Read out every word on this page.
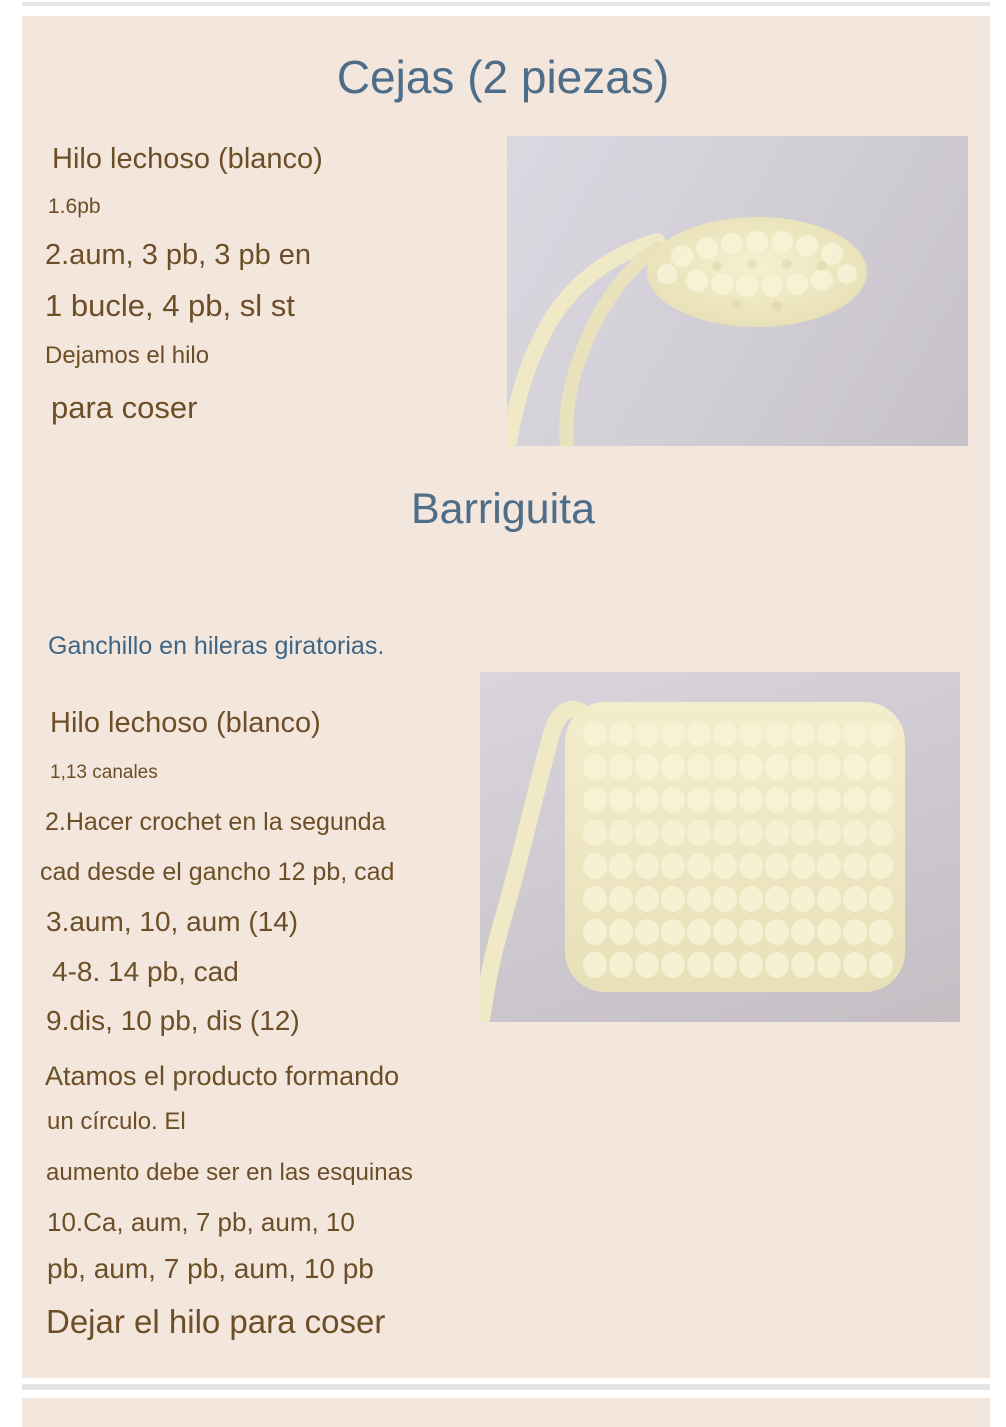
Cejas (2 piezas)

Hilo lechoso (blanco)

1.6pb

2.aum, 3 pb, 3 pb en

1 bucle, 4 pb, sl st

Dejamos el hilo

para coser

Barriguita

Ganchillo en hileras giratorias.

Hilo lechoso (blanco)

1,13 canales

2.Hacer crochet en la segunda

cad desde el gancho 12 pb, cad

3.aum, 10, aum (14)

4-8. 14 pb, cad

9.dis, 10 pb, dis (12)

Atamos el producto formando

un círculo. El

aumento debe ser en las esquinas

10.Ca, aum, 7 pb, aum, 10

pb, aum, 7 pb, aum, 10 pb

Dejar el hilo para coser
